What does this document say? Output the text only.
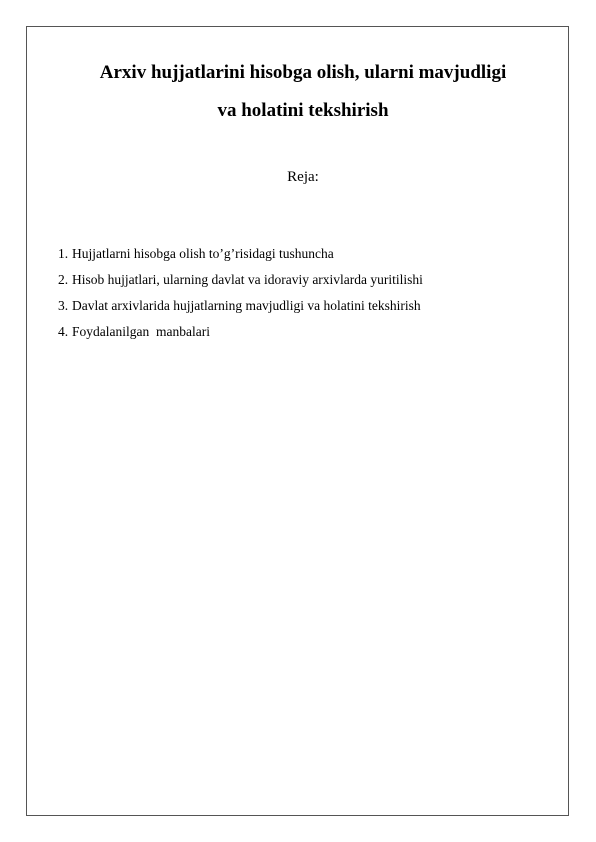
Arxiv hujjatlarini hisobga olish, ularni mavjudligi
va holatini tekshirish

Reja:

1. Hujjatlarni hisobga olish to’g’risidagi tushuncha
2. Hisob hujjatlari, ularning davlat va idoraviy arxivlarda yuritilishi
3. Davlat arxivlarida hujjatlarning mavjudligi va holatini tekshirish
4. Foydalanilgan  manbalari
